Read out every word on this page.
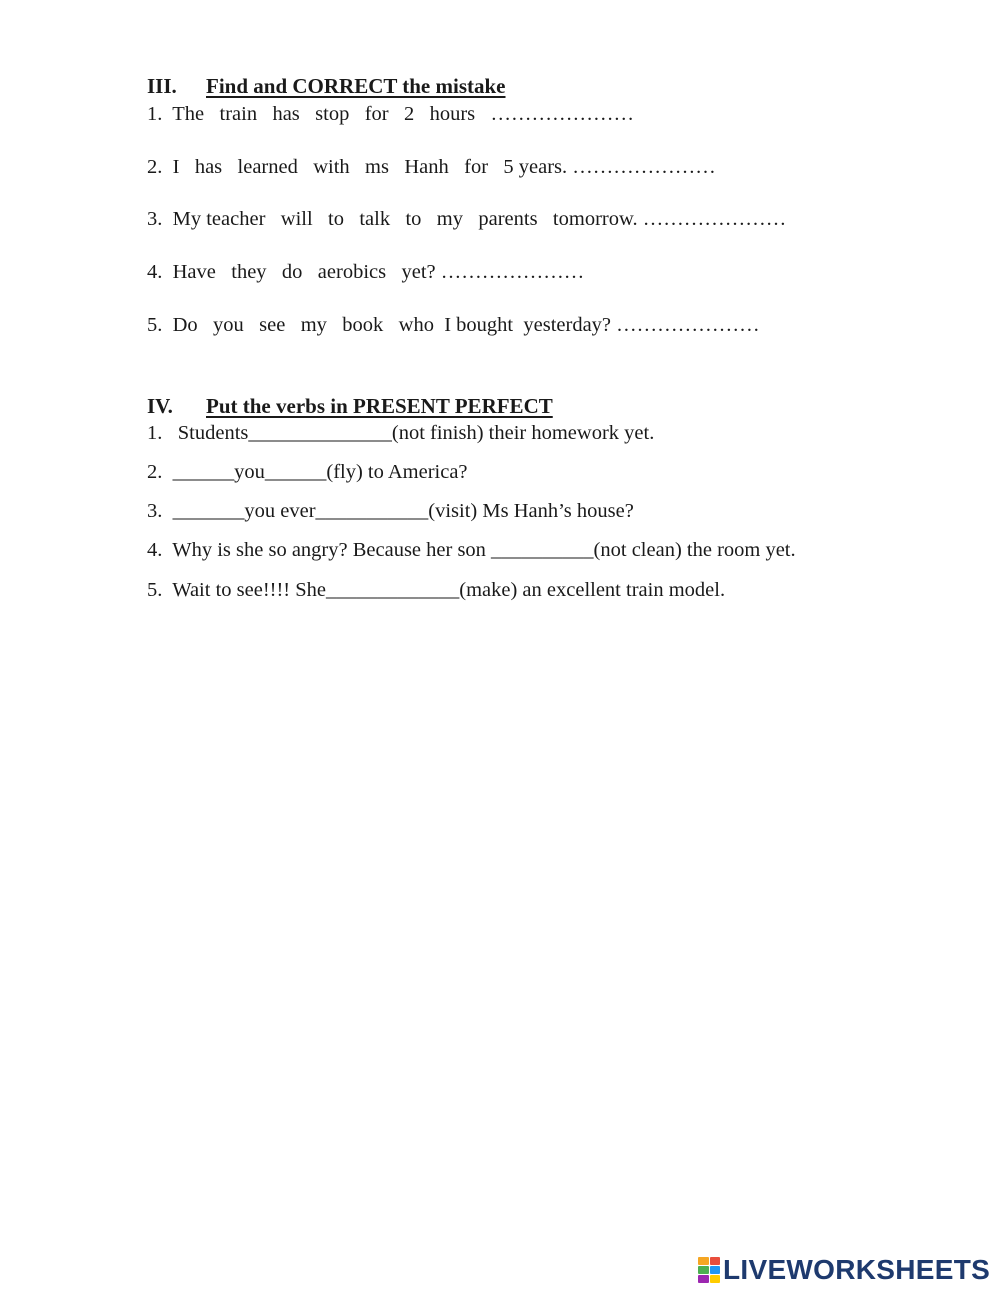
III. Find and CORRECT the mistake
1.  The   train   has   stop   for   2   hours   …………………
2.  I   has   learned   with   ms   Hanh   for   5 years. …………………
3.  My teacher   will   to   talk   to   my   parents   tomorrow. …………………
4.  Have   they   do   aerobics   yet? …………………
5.  Do   you   see   my   book   who  I bought  yesterday? …………………
IV. Put the verbs in PRESENT PERFECT
1.   Students______________(not finish) their homework yet.
2.  ______you______(fly) to America?
3.  _______you ever___________(visit) Ms Hanh’s house?
4.  Why is she so angry? Because her son __________(not clean) the room yet.
5.  Wait to see!!!! She_____________(make) an excellent train model.
LIVEWORKSHEETS
